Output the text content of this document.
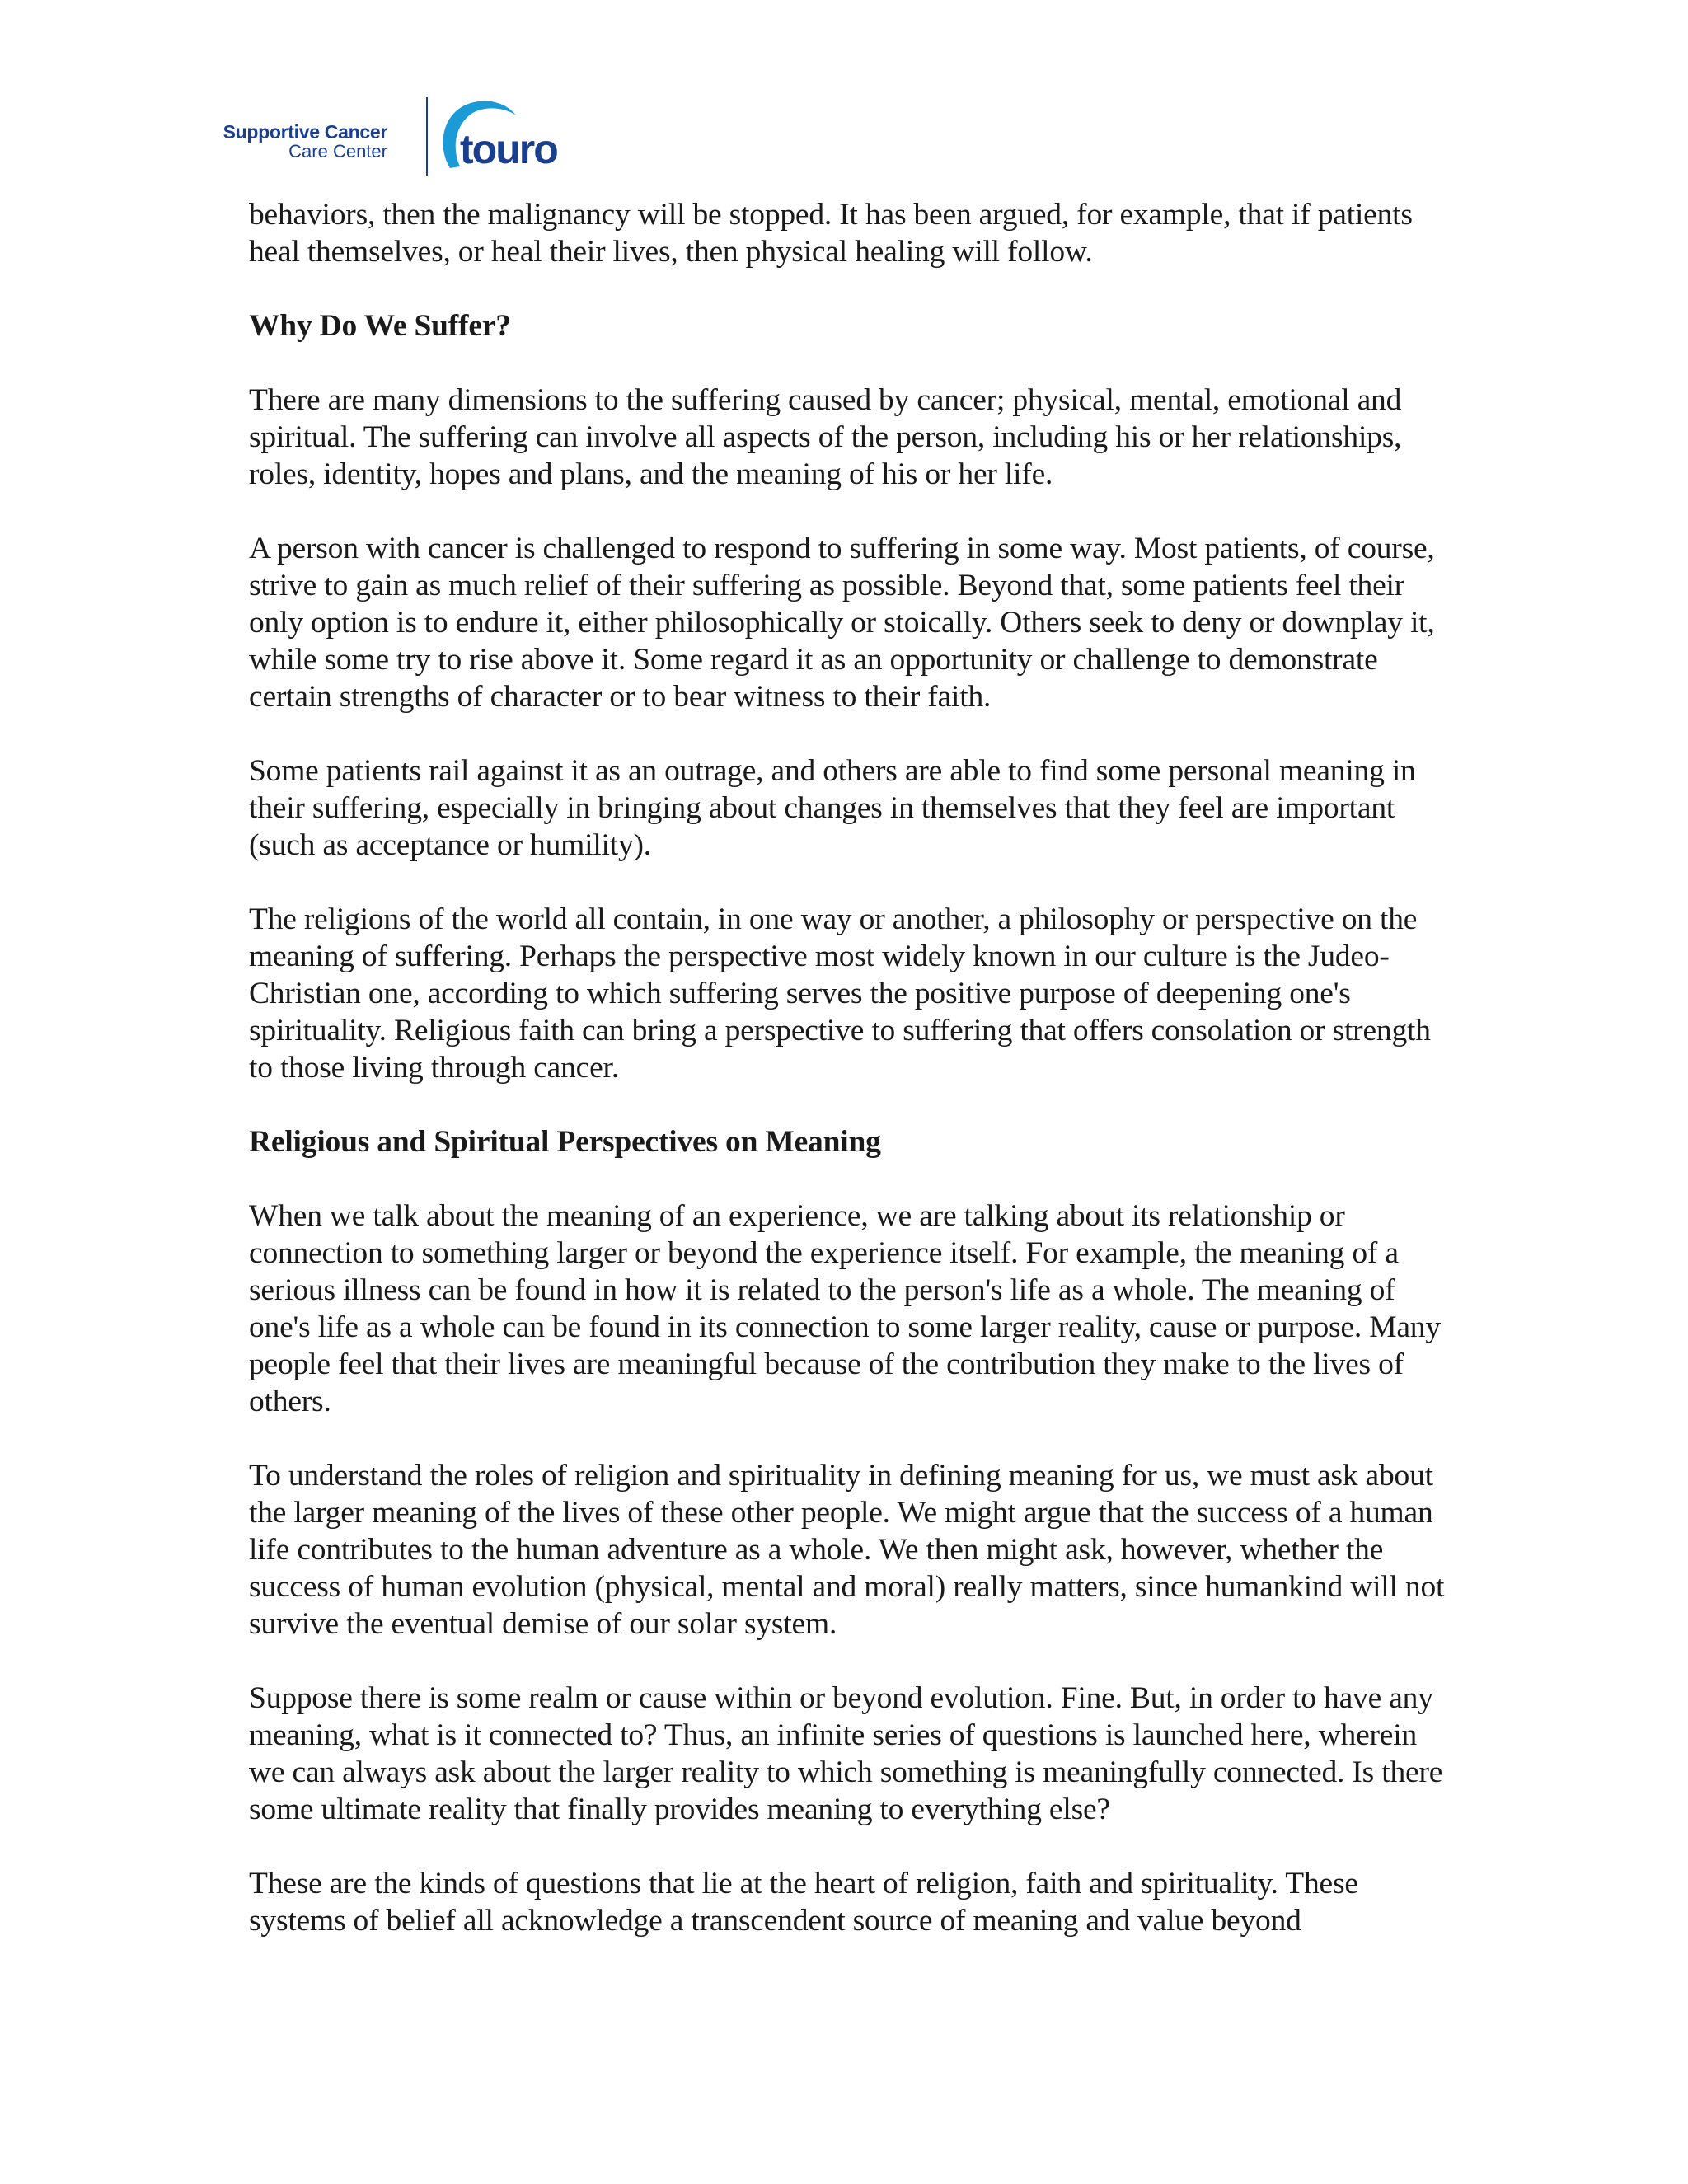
Supportive Cancer
Care Center touro

behaviors, then the malignancy will be stopped. It has been argued, for example, that if patients heal themselves, or heal their lives, then physical healing will follow.

Why Do We Suffer?

There are many dimensions to the suffering caused by cancer; physical, mental, emotional and spiritual. The suffering can involve all aspects of the person, including his or her relationships, roles, identity, hopes and plans, and the meaning of his or her life.

A person with cancer is challenged to respond to suffering in some way. Most patients, of course, strive to gain as much relief of their suffering as possible. Beyond that, some patients feel their only option is to endure it, either philosophically or stoically. Others seek to deny or downplay it, while some try to rise above it. Some regard it as an opportunity or challenge to demonstrate certain strengths of character or to bear witness to their faith.

Some patients rail against it as an outrage, and others are able to find some personal meaning in their suffering, especially in bringing about changes in themselves that they feel are important (such as acceptance or humility).

The religions of the world all contain, in one way or another, a philosophy or perspective on the meaning of suffering. Perhaps the perspective most widely known in our culture is the Judeo-Christian one, according to which suffering serves the positive purpose of deepening one's spirituality. Religious faith can bring a perspective to suffering that offers consolation or strength to those living through cancer.

Religious and Spiritual Perspectives on Meaning

When we talk about the meaning of an experience, we are talking about its relationship or connection to something larger or beyond the experience itself. For example, the meaning of a serious illness can be found in how it is related to the person's life as a whole. The meaning of one's life as a whole can be found in its connection to some larger reality, cause or purpose. Many people feel that their lives are meaningful because of the contribution they make to the lives of others.

To understand the roles of religion and spirituality in defining meaning for us, we must ask about the larger meaning of the lives of these other people. We might argue that the success of a human life contributes to the human adventure as a whole. We then might ask, however, whether the success of human evolution (physical, mental and moral) really matters, since humankind will not survive the eventual demise of our solar system.

Suppose there is some realm or cause within or beyond evolution. Fine. But, in order to have any meaning, what is it connected to? Thus, an infinite series of questions is launched here, wherein we can always ask about the larger reality to which something is meaningfully connected. Is there some ultimate reality that finally provides meaning to everything else?

These are the kinds of questions that lie at the heart of religion, faith and spirituality. These systems of belief all acknowledge a transcendent source of meaning and value beyond
